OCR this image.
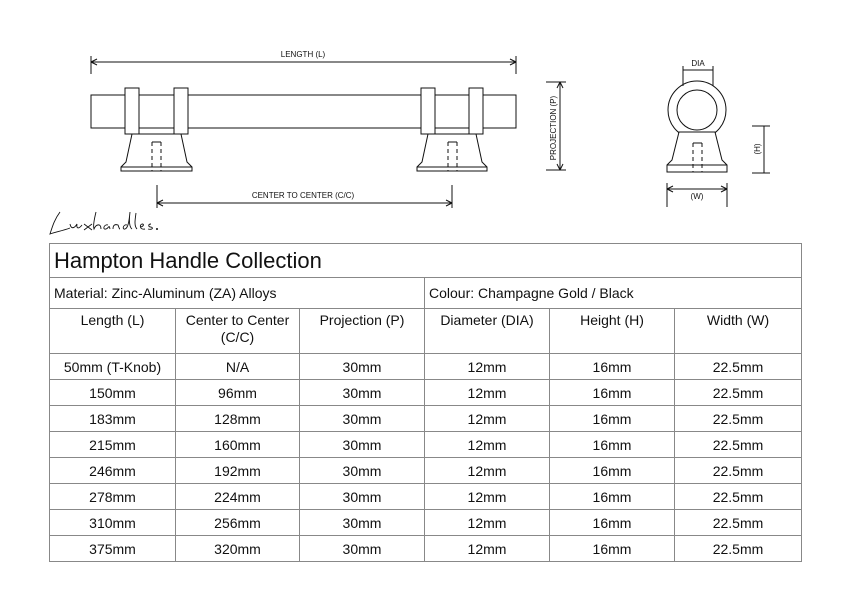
LENGTH (L)
CENTER TO CENTER (C/C)
PROJECTION (P)
DIA
(H)
(W)
Hampton Handle Collection					
Material: Zinc-Aluminum (ZA) Alloys			Colour: Champagne Gold / Black		
Length (L)	Center to Center (C/C)	Projection (P)	Diameter (DIA)	Height (H)	Width (W)
50mm (T-Knob)	N/A	30mm	12mm	16mm	22.5mm
150mm	96mm	30mm	12mm	16mm	22.5mm
183mm	128mm	30mm	12mm	16mm	22.5mm
215mm	160mm	30mm	12mm	16mm	22.5mm
246mm	192mm	30mm	12mm	16mm	22.5mm
278mm	224mm	30mm	12mm	16mm	22.5mm
310mm	256mm	30mm	12mm	16mm	22.5mm
375mm	320mm	30mm	12mm	16mm	22.5mm
